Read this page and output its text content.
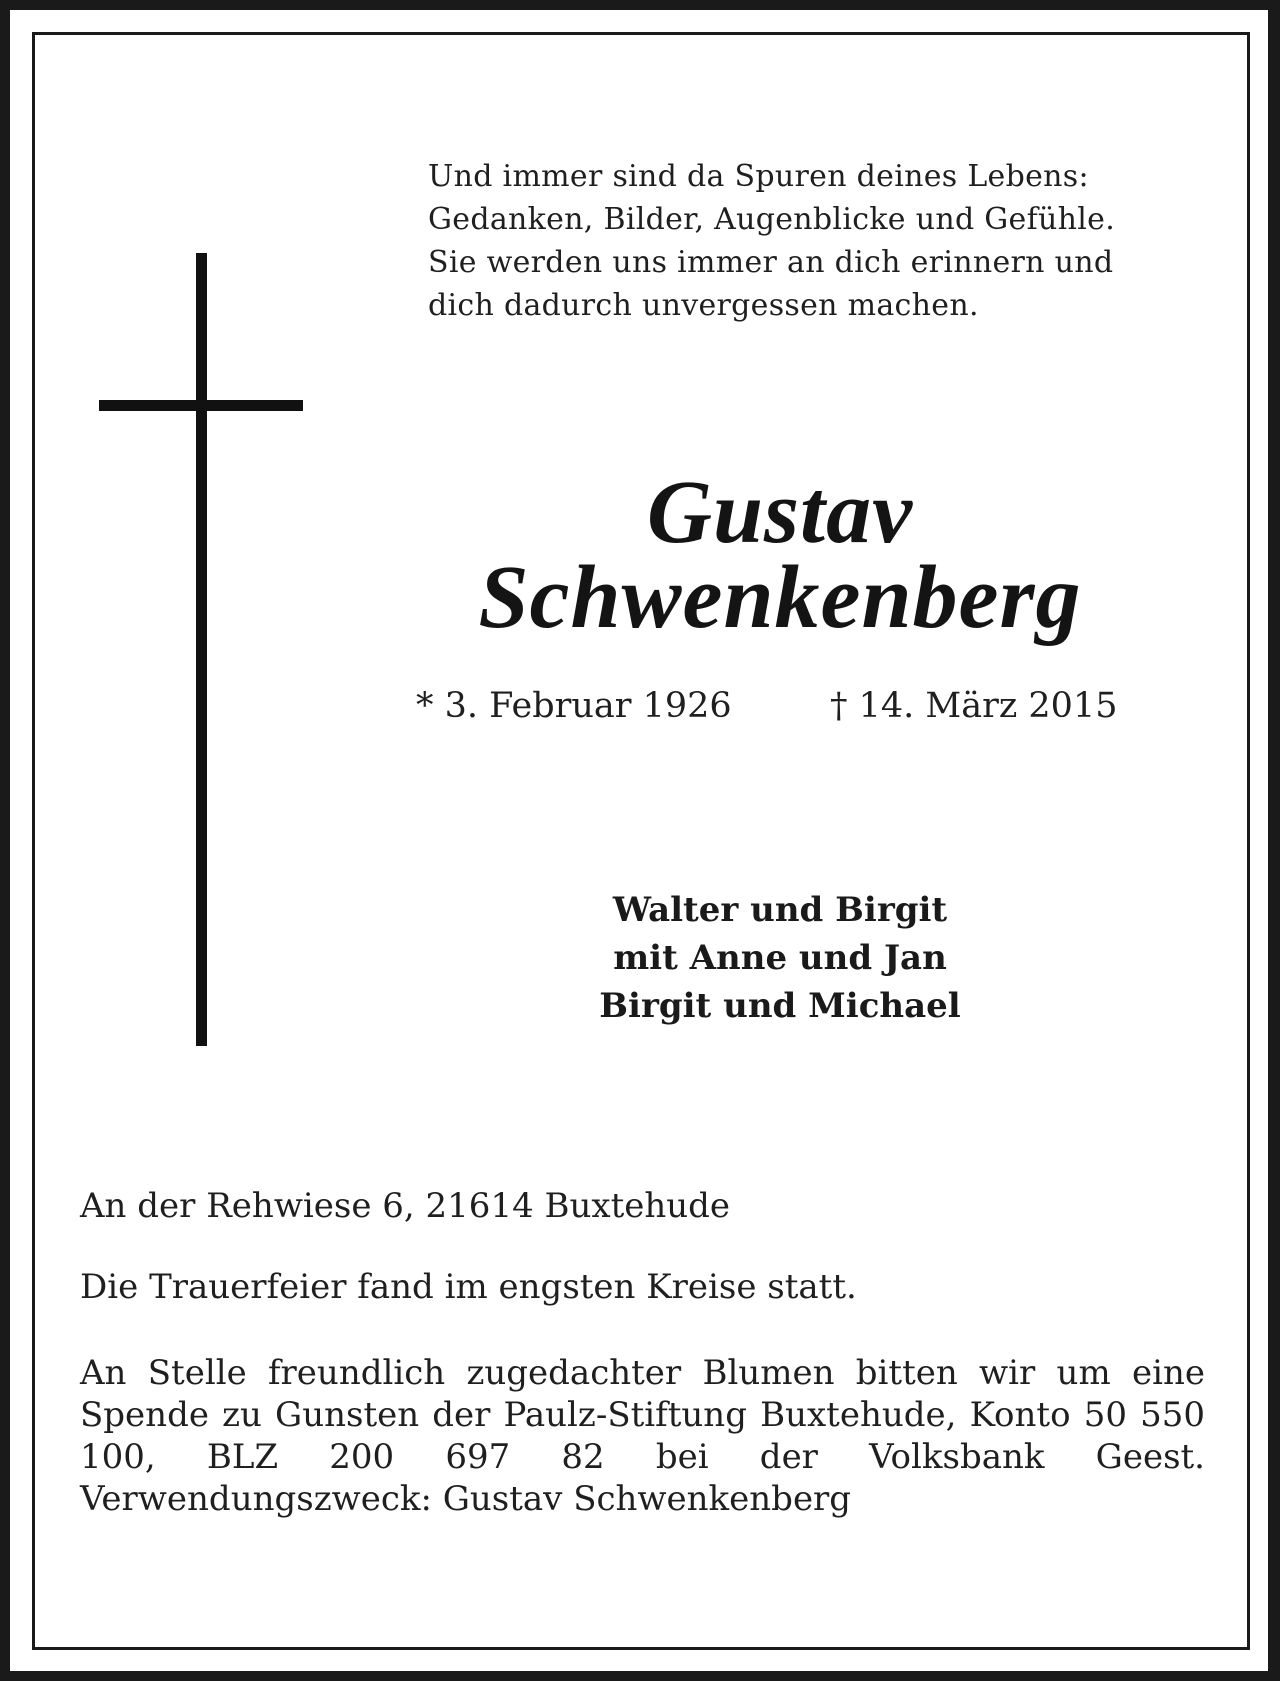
Und immer sind da Spuren deines Lebens:
Gedanken, Bilder, Augenblicke und Gefühle.
Sie werden uns immer an dich erinnern und
dich dadurch unvergessen machen.
Gustav
Schwenkenberg
* 3. Februar 1926	† 14. März 2015
Walter und Birgit
mit Anne und Jan
Birgit und Michael
An der Rehwiese 6, 21614 Buxtehude
Die Trauerfeier fand im engsten Kreise statt.
An Stelle freundlich zugedachter Blumen bitten wir um eine Spende zu Gunsten der Paulz-Stiftung Buxtehude, Konto 50 550 100, BLZ 200 697 82 bei der Volksbank Geest. Verwendungszweck: Gustav Schwenkenberg
